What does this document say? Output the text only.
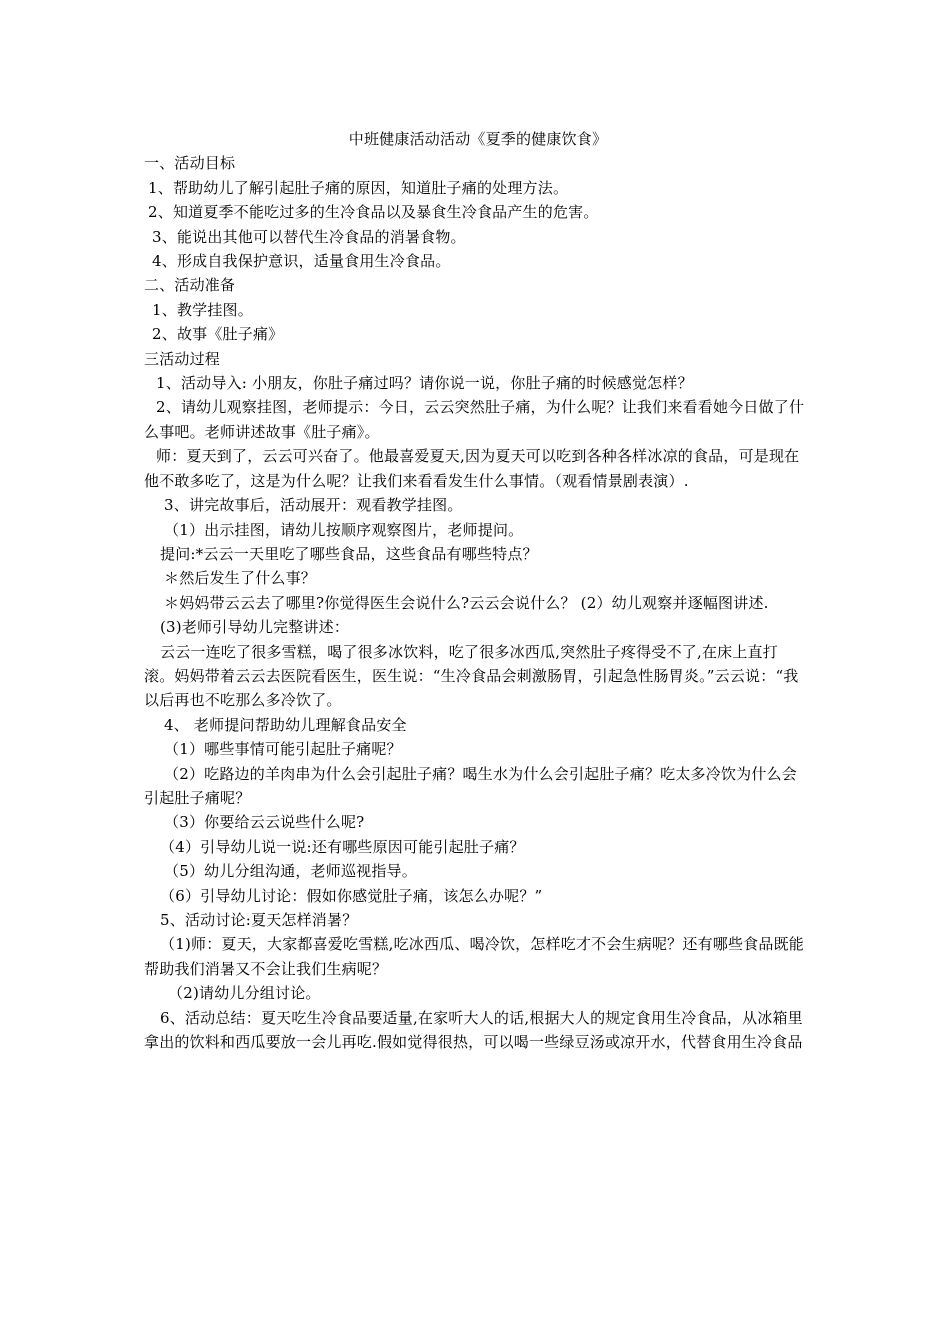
中班健康活动活动《夏季的健康饮食》

一、活动目标

1、帮助幼儿了解引起肚子痛的原因，知道肚子痛的处理方法。

2、知道夏季不能吃过多的生冷食品以及暴食生冷食品产生的危害。

3、能说出其他可以替代生冷食品的消暑食物。

4、形成自我保护意识，适量食用生冷食品。

二、活动准备

1、教学挂图。

2、故事《肚子痛》

三活动过程

1、活动导入: 小朋友，你肚子痛过吗？请你说一说，你肚子痛的时候感觉怎样？

2、请幼儿观察挂图，老师提示：今日，云云突然肚子痛，为什么呢？让我们来看看她今日做了什么事吧。老师讲述故事《肚子痛》。

师：夏天到了，云云可兴奋了。他最喜爱夏天,因为夏天可以吃到各种各样冰凉的食品，可是现在他不敢多吃了，这是为什么呢？让我们来看看发生什么事情。（观看情景剧表演）.

3、讲完故事后，活动展开：观看教学挂图。

（1）出示挂图，请幼儿按顺序观察图片，老师提问。

提问:*云云一天里吃了哪些食品，这些食品有哪些特点？

＊然后发生了什么事？

＊妈妈带云云去了哪里?你觉得医生会说什么?云云会说什么？ (2）幼儿观察并逐幅图讲述.

(3)老师引导幼儿完整讲述：

云云一连吃了很多雪糕，喝了很多冰饮料，吃了很多冰西瓜,突然肚子疼得受不了,在床上直打滚。妈妈带着云云去医院看医生，医生说：“生冷食品会刺激肠胃，引起急性肠胃炎。”云云说：“我以后再也不吃那么多冷饮了。

4、 老师提问帮助幼儿理解食品安全

（1）哪些事情可能引起肚子痛呢？

（2）吃路边的羊肉串为什么会引起肚子痛？喝生水为什么会引起肚子痛？吃太多冷饮为什么会引起肚子痛呢？

（3）你要给云云说些什么呢?

（4）引导幼儿说一说:还有哪些原因可能引起肚子痛？

（5）幼儿分组沟通，老师巡视指导。

（6）引导幼儿讨论：假如你感觉肚子痛，该怎么办呢？”

5、活动讨论:夏天怎样消暑？

（1)师：夏天，大家都喜爱吃雪糕,吃冰西瓜、喝冷饮，怎样吃才不会生病呢？还有哪些食品既能帮助我们消暑又不会让我们生病呢？

（2)请幼儿分组讨论。

6、活动总结：夏天吃生冷食品要适量,在家听大人的话,根据大人的规定食用生冷食品，从冰箱里拿出的饮料和西瓜要放一会儿再吃.假如觉得很热，可以喝一些绿豆汤或凉开水，代替食用生冷食品
